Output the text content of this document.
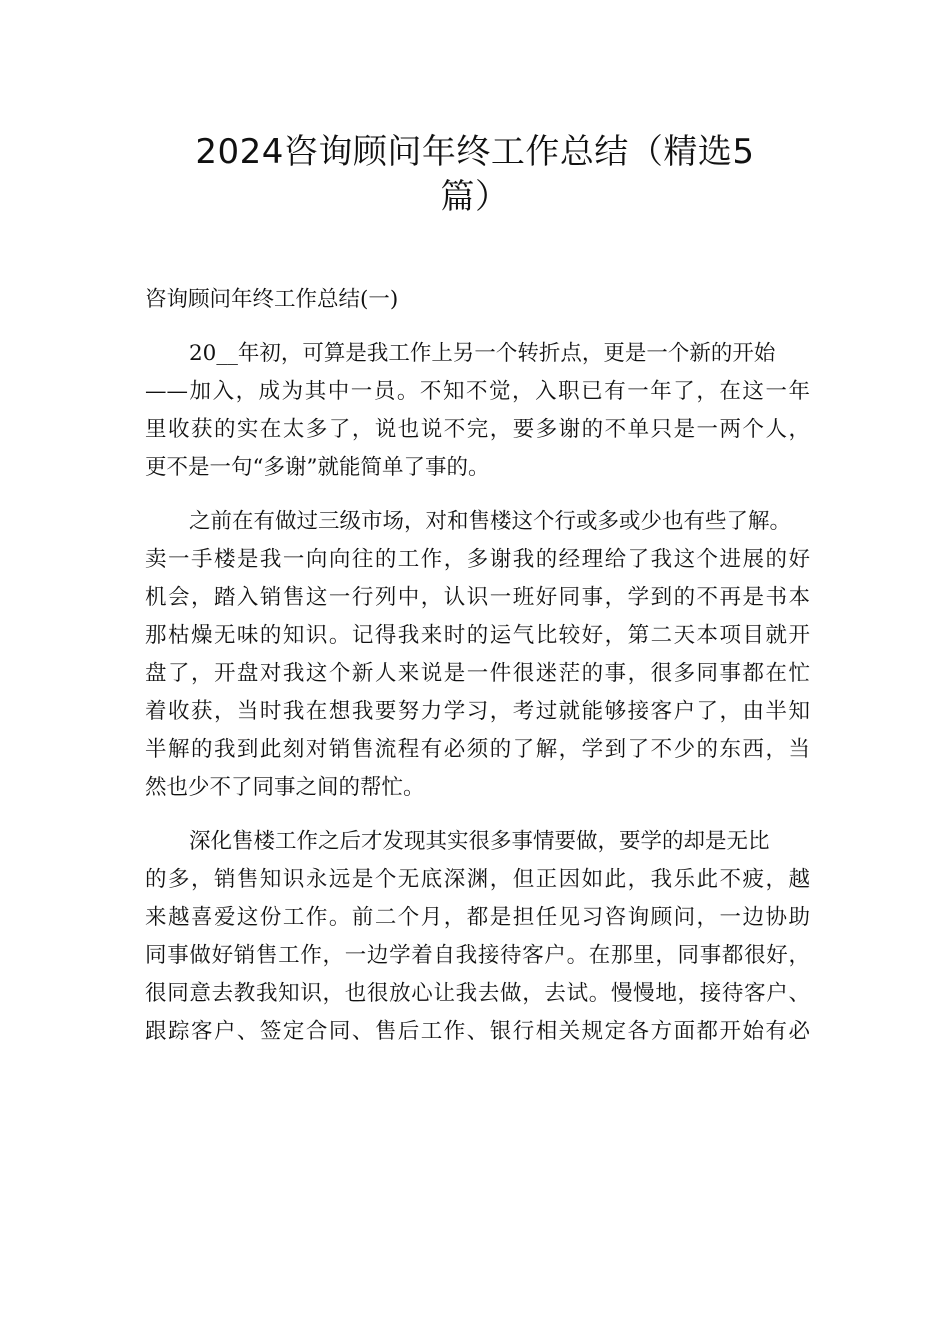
2024咨询顾问年终工作总结（精选5
篇）
咨询顾问年终工作总结(一)
20__年初，可算是我工作上另一个转折点，更是一个新的开始
——加入，成为其中一员。不知不觉，入职已有一年了，在这一年
里收获的实在太多了，说也说不完，要多谢的不单只是一两个人，
更不是一句“多谢”就能简单了事的。
之前在有做过三级市场，对和售楼这个行或多或少也有些了解。
卖一手楼是我一向向往的工作，多谢我的经理给了我这个进展的好
机会，踏入销售这一行列中，认识一班好同事，学到的不再是书本
那枯燥无味的知识。记得我来时的运气比较好，第二天本项目就开
盘了，开盘对我这个新人来说是一件很迷茫的事，很多同事都在忙
着收获，当时我在想我要努力学习，考过就能够接客户了，由半知
半解的我到此刻对销售流程有必须的了解，学到了不少的东西，当
然也少不了同事之间的帮忙。
深化售楼工作之后才发现其实很多事情要做，要学的却是无比
的多，销售知识永远是个无底深渊，但正因如此，我乐此不疲，越
来越喜爱这份工作。前二个月，都是担任见习咨询顾问，一边协助
同事做好销售工作，一边学着自我接待客户。在那里，同事都很好，
很同意去教我知识，也很放心让我去做，去试。慢慢地，接待客户、
跟踪客户、签定合同、售后工作、银行相关规定各方面都开始有必
